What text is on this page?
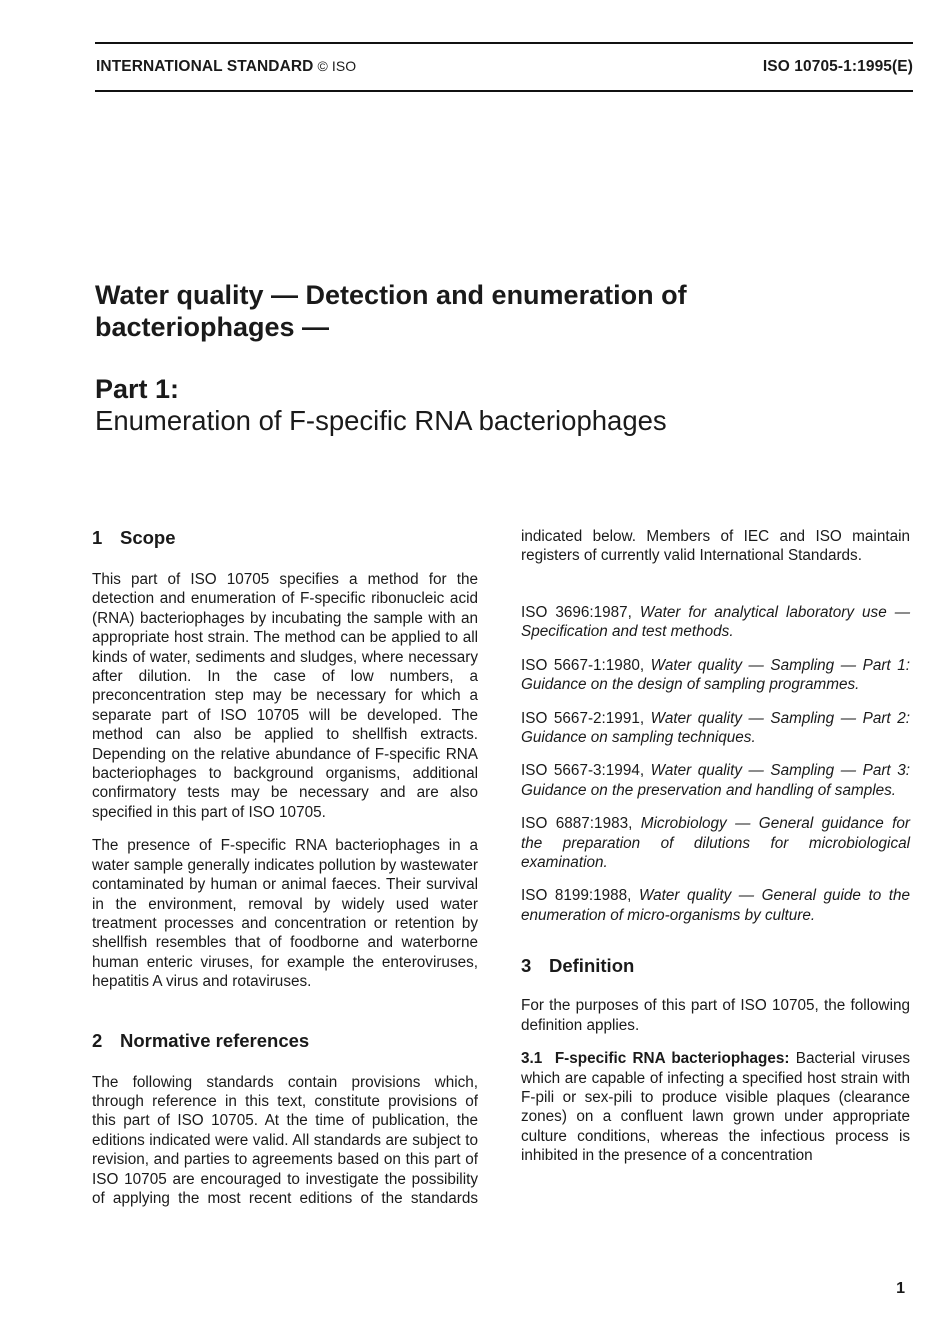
INTERNATIONAL STANDARD © ISO	ISO 10705-1:1995(E)
Water quality — Detection and enumeration of bacteriophages —
Part 1:
Enumeration of F-specific RNA bacteriophages
1 Scope

This part of ISO 10705 specifies a method for the detection and enumeration of F-specific ribonucleic acid (RNA) bacteriophages by incubating the sample with an appropriate host strain. The method can be applied to all kinds of water, sediments and sludges, where necessary after dilution. In the case of low numbers, a preconcentration step may be necessary for which a separate part of ISO 10705 will be developed. The method can also be applied to shellfish extracts. Depending on the relative abundance of F-specific RNA bacteriophages to background organisms, additional confirmatory tests may be necessary and are also specified in this part of ISO 10705.

The presence of F-specific RNA bacteriophages in a water sample generally indicates pollution by wastewater contaminated by human or animal faeces. Their survival in the environment, removal by widely used water treatment processes and concentration or retention by shellfish resembles that of foodborne and waterborne human enteric viruses, for example the enteroviruses, hepatitis A virus and rotaviruses.

2 Normative references

The following standards contain provisions which, through reference in this text, constitute provisions of this part of ISO 10705. At the time of publication, the editions indicated were valid. All standards are subject to revision, and parties to agreements based on this part of ISO 10705 are encouraged to investigate the possibility of applying the most recent editions of the standards

indicated below. Members of IEC and ISO maintain registers of currently valid International Standards.

ISO 3696:1987, Water for analytical laboratory use — Specification and test methods.

ISO 5667-1:1980, Water quality — Sampling — Part 1: Guidance on the design of sampling programmes.

ISO 5667-2:1991, Water quality — Sampling — Part 2: Guidance on sampling techniques.

ISO 5667-3:1994, Water quality — Sampling — Part 3: Guidance on the preservation and handling of samples.

ISO 6887:1983, Microbiology — General guidance for the preparation of dilutions for microbiological examination.

ISO 8199:1988, Water quality — General guide to the enumeration of micro-organisms by culture.

3 Definition

For the purposes of this part of ISO 10705, the following definition applies.

3.1 F-specific RNA bacteriophages: Bacterial viruses which are capable of infecting a specified host strain with F-pili or sex-pili to produce visible plaques (clearance zones) on a confluent lawn grown under appropriate culture conditions, whereas the infectious process is inhibited in the presence of a concentration

1
